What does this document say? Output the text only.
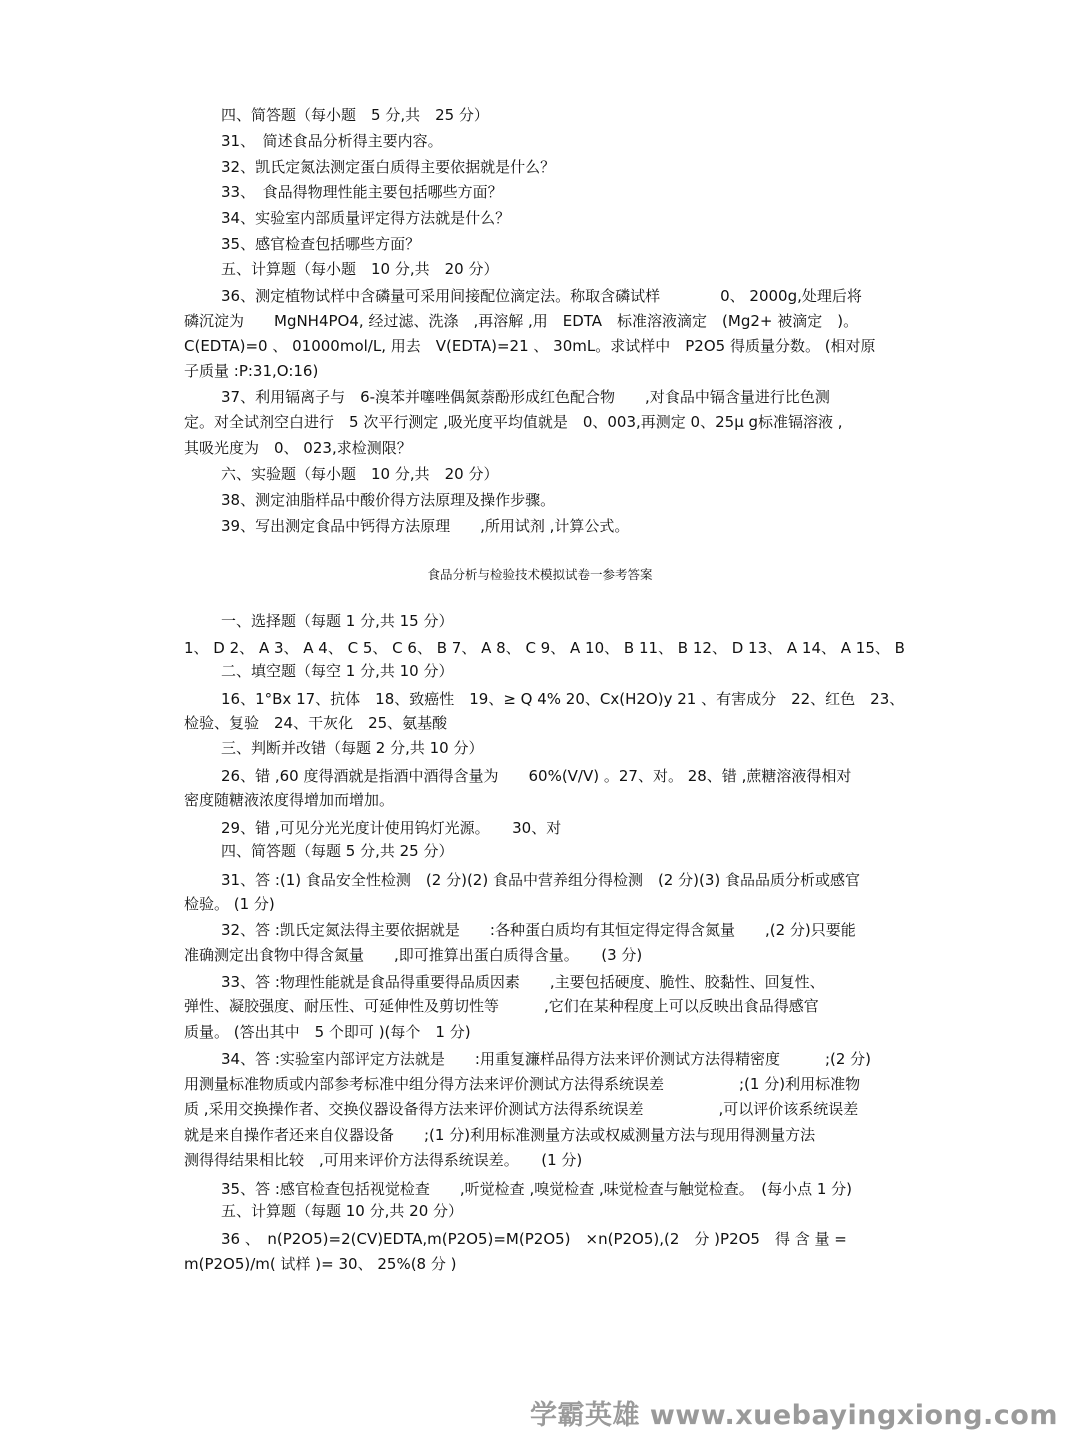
四、简答题（每小题　5 分,共　25 分）
31、　简述食品分析得主要内容。
32、凯氏定氮法测定蛋白质得主要依据就是什么？
33、　食品得物理性能主要包括哪些方面？
34、实验室内部质量评定得方法就是什么？
35、感官检查包括哪些方面？
五、计算题（每小题　10 分,共　20 分）
36、测定植物试样中含磷量可采用间接配位滴定法。称取含磷试样　　　　0、 2000g,处理后将
磷沉淀为　　MgNH4PO4, 经过滤、洗涤　,再溶解 ,用　EDTA　标准溶液滴定　(Mg2+ 被滴定　)。
C(EDTA)=0 、 01000mol/L, 用去　V(EDTA)=21 、 30mL。求试样中　P2O5 得质量分数。 (相对原
子质量 :P:31,O:16)
37、利用镉离子与　6-溴苯并噻唑偶氮萘酚形成红色配合物　　,对食品中镉含量进行比色测
定。对全试剂空白进行　5 次平行测定 ,吸光度平均值就是　0、003,再测定 0、25μ g标准镉溶液 ,
其吸光度为　0、 023,求检测限？
六、实验题（每小题　10 分,共　20 分）
38、测定油脂样品中酸价得方法原理及操作步骤。
39、写出测定食品中钙得方法原理　　,所用试剂 ,计算公式。
食品分析与检验技术模拟试卷一参考答案
一、选择题（每题 1 分,共 15 分）
1、 D 2、 A 3、 A 4、 C 5、 C 6、 B 7、 A 8、 C 9、 A 10、 B 11、 B 12、 D 13、 A 14、 A 15、 B
二、填空题（每空 1 分,共 10 分）
16、1°Bx 17、抗体　18、致癌性　19、≥ Q 4% 20、Cx(H2O)y 21 、有害成分　22、红色　23、
检验、复验　24、干灰化　25、氨基酸
三、判断并改错（每题 2 分,共 10 分）
26、错 ,60 度得酒就是指酒中酒得含量为　　60%(V/V) 。27、对。 28、错 ,蔗糖溶液得相对
密度随糖液浓度得增加而增加。
29、错 ,可见分光光度计使用钨灯光源。　　30、对
四、简答题（每题 5 分,共 25 分）
31、答 :(1) 食品安全性检测　(2 分)(2) 食品中营养组分得检测　(2 分)(3) 食品品质分析或感官
检验。 (1 分)
32、答 :凯氏定氮法得主要依据就是　　:各种蛋白质均有其恒定得定得含氮量　　,(2 分)只要能
准确测定出食物中得含氮量　　,即可推算出蛋白质得含量。　　(3 分)
33、答 :物理性能就是食品得重要得品质因素　　,主要包括硬度、脆性、胶黏性、回复性、
弹性、凝胶强度、耐压性、可延伸性及剪切性等　　　,它们在某种程度上可以反映出食品得感官
质量。 (答出其中　5 个即可 )(每个　1 分)
34、答 :实验室内部评定方法就是　　:用重复濂样品得方法来评价测试方法得精密度　　　;(2 分)
用测量标准物质或内部参考标准中组分得方法来评价测试方法得系统误差　　　　　;(1 分)利用标准物
质 ,采用交换操作者、交换仪器设备得方法来评价测试方法得系统误差　　　　　,可以评价该系统误差
就是来自操作者还来自仪器设备　　;(1 分)利用标准测量方法或权威测量方法与现用得测量方法
测得得结果相比较　,可用来评价方法得系统误差。　　(1 分)
35、答 :感官检查包括视觉检查　　,听觉检查 ,嗅觉检查 ,味觉检查与触觉检查。　(每小点 1 分)
五、计算题（每题 10 分,共 20 分）
36 、　n(P2O5)=2(CV)EDTA,m(P2O5)=M(P2O5)　×n(P2O5),(2　分 )P2O5　得 含 量 =
m(P2O5)/m( 试样 )= 30、 25%(8 分 )
学霸英雄 www.xuebayingxiong.com
